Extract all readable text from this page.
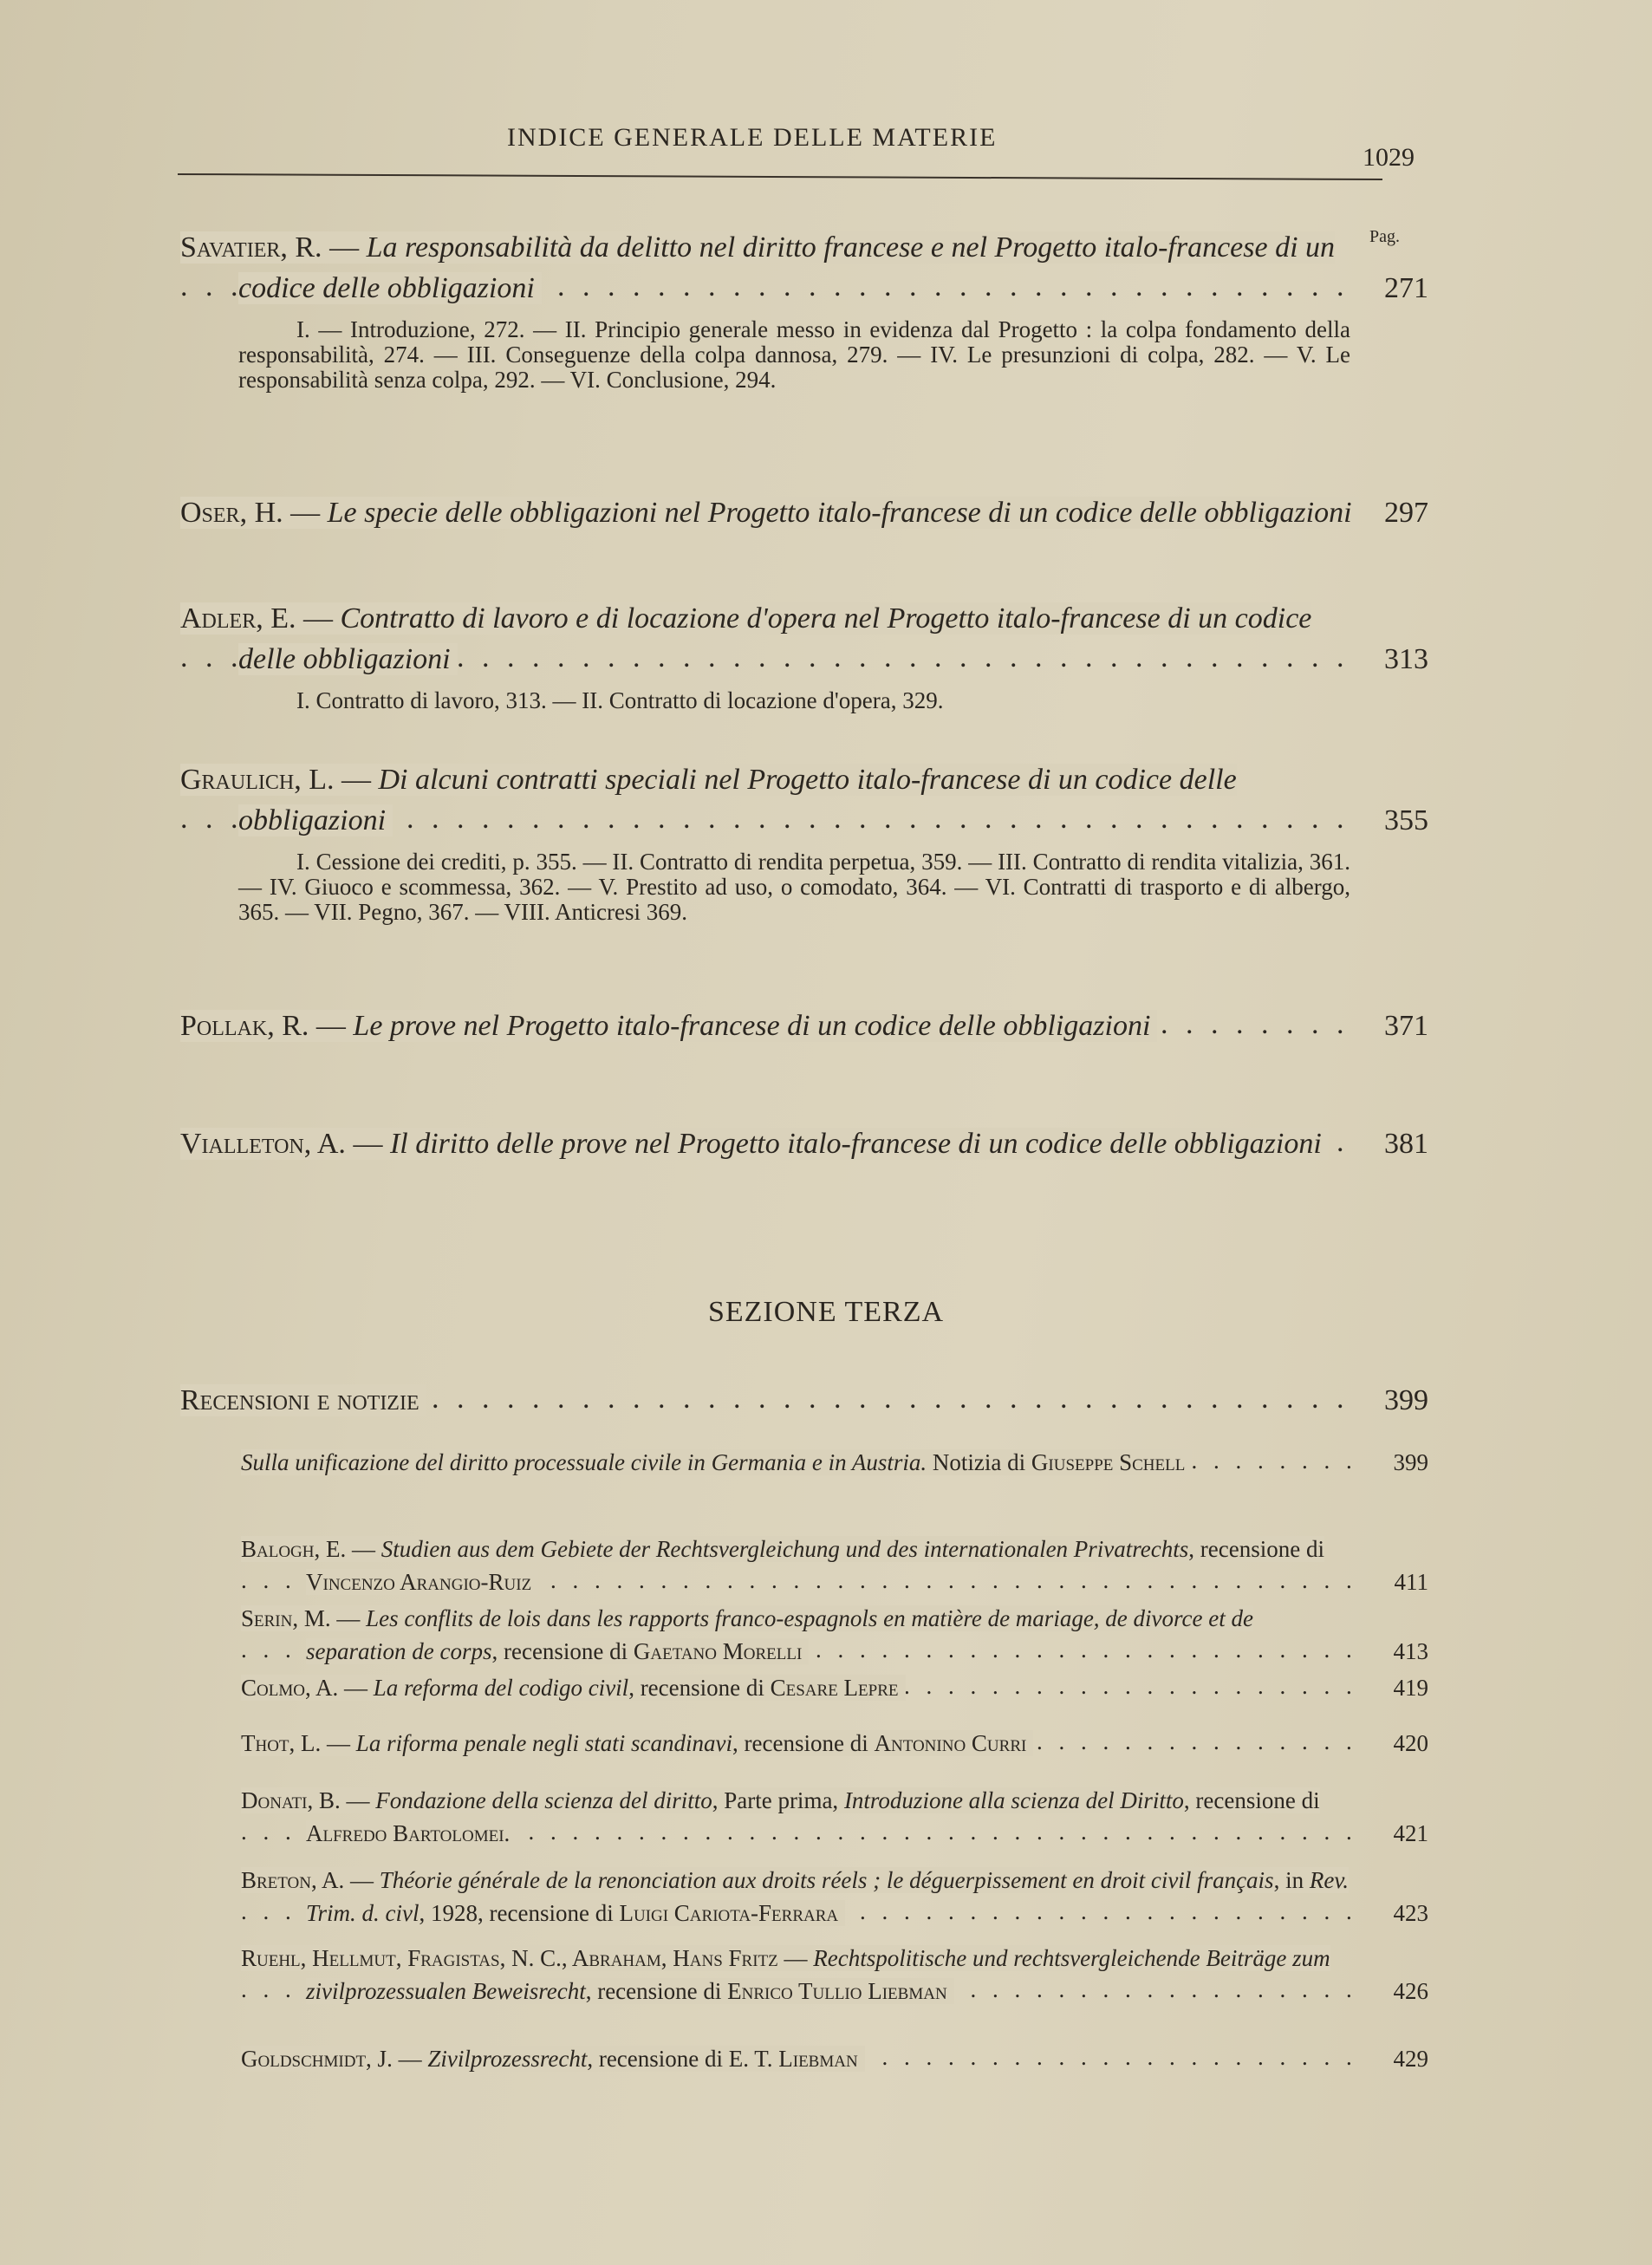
INDICE GENERALE DELLE MATERIE
1029
Pag.
Savatier, R. — La responsabilità da delitto nel diritto francese e nel Progetto italo-francese di un codice delle obbligazioni	271
. . .
I. — Introduzione, 272. — II. Principio generale messo in evidenza dal Progetto : la colpa fondamento della responsabilità, 274. — III. Conseguenze della colpa dannosa, 279. — IV. Le presunzioni di colpa, 282. — V. Le responsabilità senza colpa, 292. — VI. Conclusione, 294.
Oser, H. — Le specie delle obbligazioni nel Progetto italo-francese di un codice delle obbligazioni	297
. . .
Adler, E. — Contratto di lavoro e di locazione d'opera nel Progetto italo-francese di un codice delle obbligazioni	313
. . .
I. Contratto di lavoro, 313. — II. Contratto di locazione d'opera, 329.
Graulich, L. — Di alcuni contratti speciali nel Progetto italo-francese di un codice delle obbligazioni	355
. . .
I. Cessione dei crediti, p. 355. — II. Contratto di rendita perpetua, 359. — III. Contratto di rendita vitalizia, 361. — IV. Giuoco e scommessa, 362. — V. Prestito ad uso, o comodato, 364. — VI. Contratti di trasporto e di albergo, 365. — VII. Pegno, 367. — VIII. Anticresi 369.
Pollak, R. — Le prove nel Progetto italo-francese di un codice delle obbligazioni	371
. . .
Vialleton, A. — Il diritto delle prove nel Progetto italo-francese di un codice delle obbligazioni	381
. . .
SEZIONE TERZA
Recensioni e notizie	399
. . .
Sulla unificazione del diritto processuale civile in Germania e in Austria. Notizia di Giuseppe Schell	399
. . .
Balogh, E. — Studien aus dem Gebiete der Rechtsvergleichung und des internationalen Privatrechts, recensione di Vincenzo Arangio-Ruiz	411
. . .
Serin, M. — Les conflits de lois dans les rapports franco-espagnols en matière de mariage, de divorce et de separation de corps, recensione di Gaetano Morelli	413
. . .
Colmo, A. — La reforma del codigo civil, recensione di Cesare Lepre	419
. . .
Thot, L. — La riforma penale negli stati scandinavi, recensione di Antonino Curri	420
. . .
Donati, B. — Fondazione della scienza del diritto, Parte prima, Introduzione alla scienza del Diritto, recensione di Alfredo Bartolomei.	421
. . .
Breton, A. — Théorie générale de la renonciation aux droits réels ; le déguerpissement en droit civil français, in Rev. Trim. d. civl, 1928, recensione di Luigi Cariota-Ferrara	423
. . .
Ruehl, Hellmut, Fragistas, N. C., Abraham, Hans Fritz — Rechtspolitische und rechtsvergleichende Beiträge zum zivilprozessualen Beweisrecht, recensione di Enrico Tullio Liebman	426
. . .
Goldschmidt, J. — Zivilprozessrecht, recensione di E. T. Liebman	429
. . .
